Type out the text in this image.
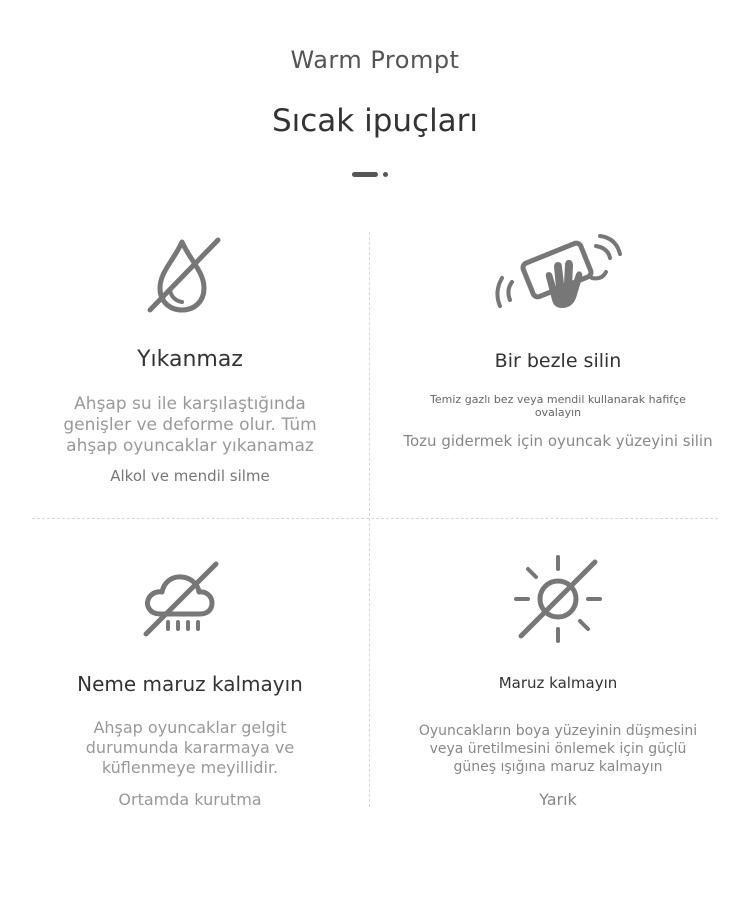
Warm Prompt
Sıcak ipuçları
Yıkanmaz
Ahşap su ile karşılaştığında genişler ve deforme olur. Tüm ahşap oyuncaklar yıkanamaz
Alkol ve mendil silme
Bir bezle silin
Temiz gazlı bez veya mendil kullanarak hafifçe ovalayın
Tozu gidermek için oyuncak yüzeyini silin
Neme maruz kalmayın
Ahşap oyuncaklar gelgit durumunda kararmaya ve küflenmeye meyillidir.
Ortamda kurutma
Maruz kalmayın
Oyuncakların boya yüzeyinin düşmesini veya üretilmesini önlemek için güçlü güneş ışığına maruz kalmayın
Yarık
